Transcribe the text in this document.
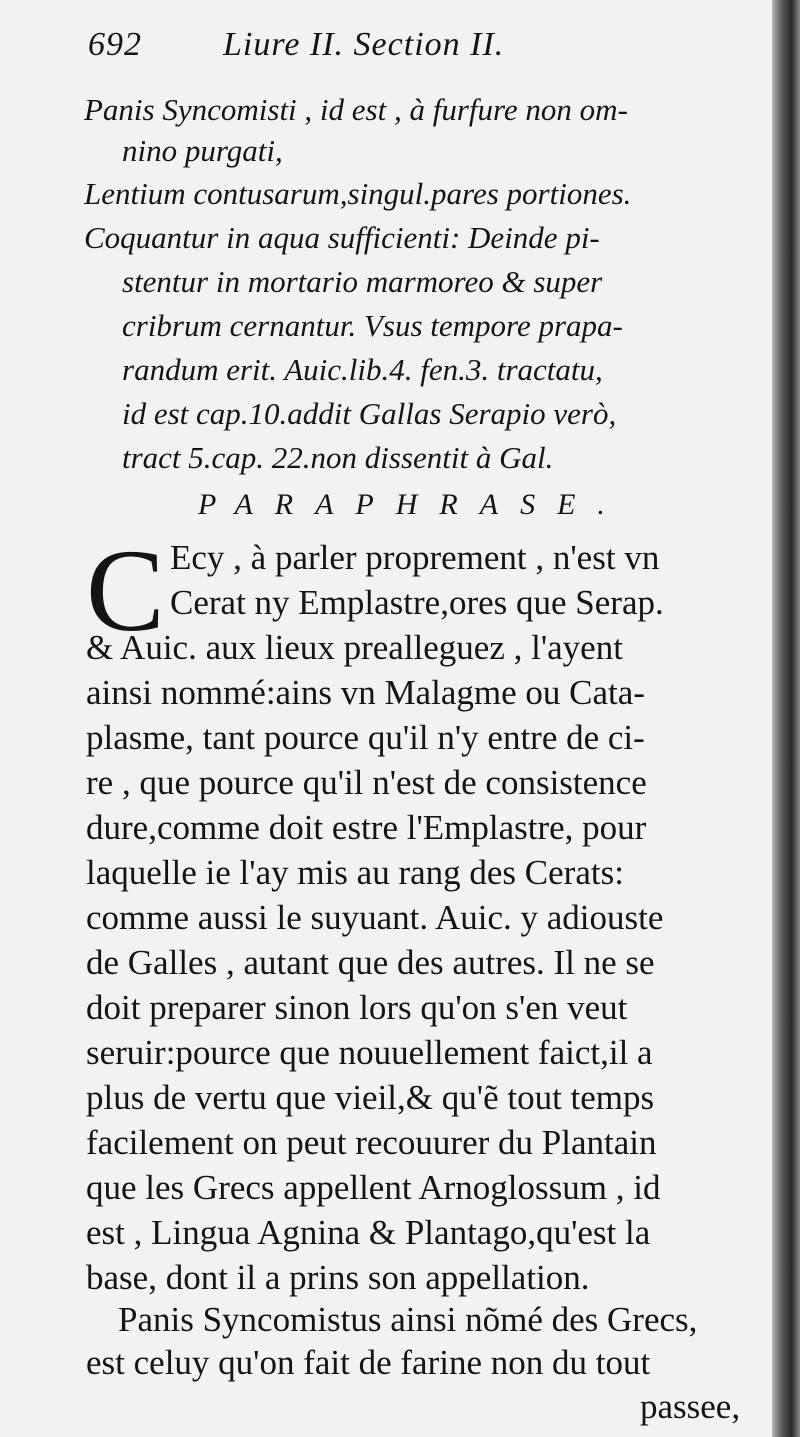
692 Liure II. Section II.
Panis Syncomisti , id est , à furfure non om-
nino purgati,
Lentium contusarum,singul.pares portiones.
Coquantur in aqua sufficienti: Deinde pi-
stentur in mortario marmoreo & super
cribrum cernantur. Vsus tempore prapa-
randum erit. Auic.lib.4. fen.3. tractatu,
id est cap.10.addit Gallas Serapio verò,
tract 5.cap. 22.non dissentit à Gal.
PARAPHRASE.
C Ecy , à parler proprement , n'est vn
Cerat ny Emplastre,ores que Serap.
& Auic. aux lieux prealleguez , l'ayent
ainsi nommé:ains vn Malagme ou Cata-
plasme, tant pource qu'il n'y entre de ci-
re , que pource qu'il n'est de consistence
dure,comme doit estre l'Emplastre, pour
laquelle ie l'ay mis au rang des Cerats:
comme aussi le suyuant. Auic. y adiouste
de Galles , autant que des autres. Il ne se
doit preparer sinon lors qu'on s'en veut
seruir:pource que nouuellement faict,il a
plus de vertu que vieil,& qu'ẽ tout temps
facilement on peut recouurer du Plantain
que les Grecs appellent Arnoglossum , id
est , Lingua Agnina & Plantago,qu'est la
base, dont il a prins son appellation.
Panis Syncomistus ainsi nõmé des Grecs,
est celuy qu'on fait de farine non du tout
passee,
